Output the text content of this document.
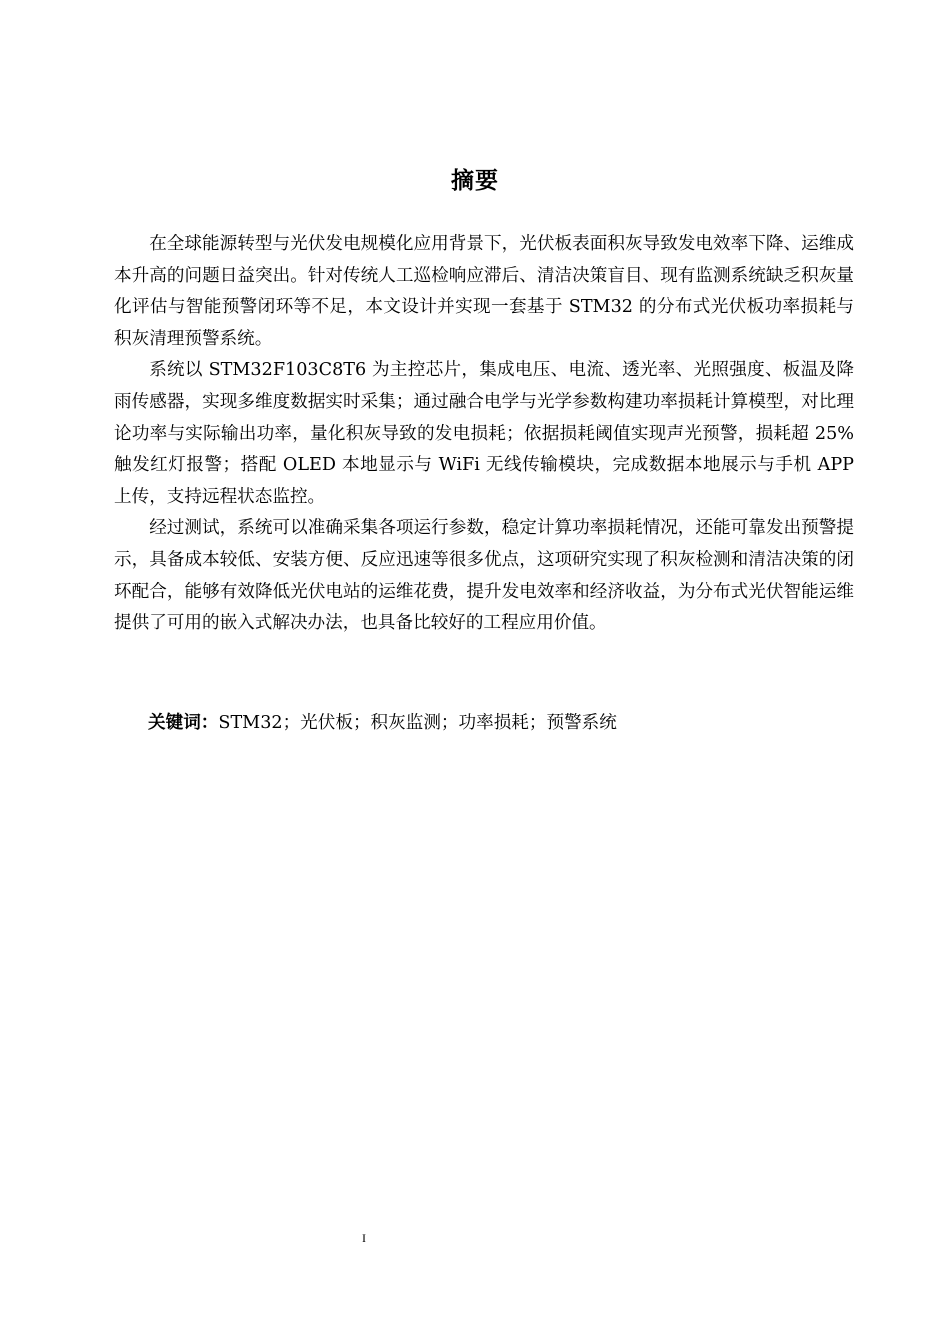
摘要

在全球能源转型与光伏发电规模化应用背景下，光伏板表面积灰导致发电效率下降、运维成本升高的问题日益突出。针对传统人工巡检响应滞后、清洁决策盲目、现有监测系统缺乏积灰量化评估与智能预警闭环等不足，本文设计并实现一套基于 STM32 的分布式光伏板功率损耗与积灰清理预警系统。

系统以 STM32F103C8T6 为主控芯片，集成电压、电流、透光率、光照强度、板温及降雨传感器，实现多维度数据实时采集；通过融合电学与光学参数构建功率损耗计算模型，对比理论功率与实际输出功率，量化积灰导致的发电损耗；依据损耗阈值实现声光预警，损耗超 25% 触发红灯报警；搭配 OLED 本地显示与 WiFi 无线传输模块，完成数据本地展示与手机 APP 上传，支持远程状态监控。

经过测试，系统可以准确采集各项运行参数，稳定计算功率损耗情况，还能可靠发出预警提示，具备成本较低、安装方便、反应迅速等很多优点，这项研究实现了积灰检测和清洁决策的闭环配合，能够有效降低光伏电站的运维花费，提升发电效率和经济收益，为分布式光伏智能运维提供了可用的嵌入式解决办法，也具备比较好的工程应用价值。

关键词：STM32；光伏板；积灰监测；功率损耗；预警系统
I
